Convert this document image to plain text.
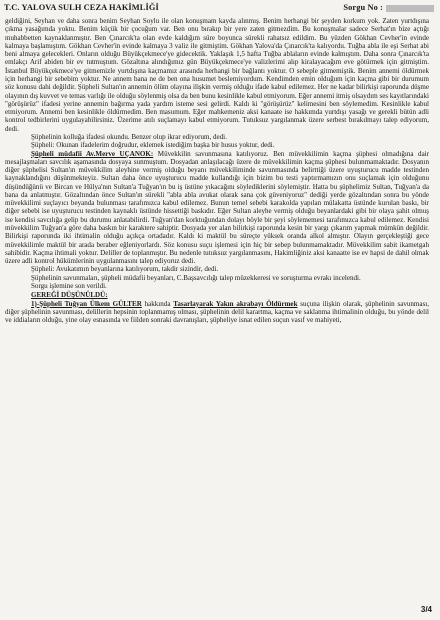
T.C. YALOVA SULH CEZA HAKİMLİĞİ	Sorgu No :

geldiğini, Seyhan ve daha sonra benim Seyhan Soylu ile olan konuşmam kayda alınmış. Benim herhangi bir şeyden korkum yok. Zaten yurtdışına çıkma yasağımda yoktu. Benim küçük bir çocuğum var. Ben onu bırakıp bir yere zaten gitmezdim. Bu konuşmalar sadece Serhat'ın bize açtığı muhabbetten kaynaklanmıştır. Ben Çınarcık'ta olan evde kaldığım süre boyunca sürekli rahatsız edildim. Bu yüzden Gökhan Cevher'in evinde kalmaya başlamıştım. Gökhan Cevher'in evinde kalmaya 3 valiz ile gitmiştim. Gökhan Yalova'da Çınarcık'ta kalıyordu. Tuğba abla ile eşi Serhat abi beni almaya gelecekleri. Onların olduğu Büyükçekmece'ye gidecektik. Yaklaşık 1,5 hafta Tuğba ablaların evinde kalmıştım. Daha sonra Çınarcık'ta emlakçı Arif abiden bir ev tutmuştum. Gözaltına alındığımız gün Büyükçekmece'ye valizlerimi alıp kiralayacağım eve götürmek için gitmiştim. İstanbul Büyükçekmece'ye gitmemizle yurtdışına kaçmamız arasında herhangi bir bağlantı yoktur. O sebeple gitmemiştik. Benim annemi öldürmek için herhangi bir sebebim yoktur. Ne annem bana ne de ben ona husumet beslemiyordum. Kendimden emin olduğum için kaçma gibi bir durumum söz konusu dahi değildir. Şüpheli Sultan'ın annemin ölüm olayına ilişkin vermiş olduğu ifade kabul edilemez. Her ne kadar bilirkişi raporunda düşme olayının dış kuvvet ve temas varlığı ile olduğu söylenmiş olsa da ben bunu kesinlikle kabul etmiyorum. Eğer annemi itmiş olsaydım ses kayıtlarındaki "görüşürüz" ifadesi yerine annemin bağırma yada yardım isteme sesi gelirdi. Kaldı ki "görüşürüz" kelimesini ben söylemedim. Kesinlikle kabul etmiyorum. Annemi ben kesinlikle öldürmedim. Ben masumum. Eğer mahkemeniz aksi kanaate ise hakkımda yurtdışı yasağı ve gerekli bütün adli kontrol tedbirlerini uygulayabilirsiniz. Üzerime atılı suçlamayı kabul etmiyorum. Tutuksuz yargılanmak üzere serbest bırakılmayı talep ediyorum, dedi.

Şüphelinin kolluğa ifadesi okundu. Benzer olup ikrar ediyorum, dedi.

Şüpheli: Okunan ifadelerim doğrudur, eklemek istediğim başka bir husus yoktur, dedi.

Şüpheli müdafii Av.Merve UÇANOK: Müvekkilin savunmasına katılıyoruz. Ben müvekkilimin kaçma şüphesi olmadığına dair mesajlaşmaları savcılık aşamasında dosyaya sunmuştum. Dosyadan anlaşılacağı üzere de müvekkilimin kaçma şüphesi bulunmamaktadır. Dosyanın diğer şüphelisi Sultan'ın müvekkilim aleyhine vermiş olduğu beyanı müvekkiliminde savunmasında belirttiği üzere uyuşturucu madde testinden kaynaklandığını düşünmekteyiz. Sultan daha önce uyuşturucu madde kullandığı için bizim bu testi yaptırmamızın onu suçlamak için olduğunu düşündüğünü ve Bircan ve Hülya'nın Sultan'a Tuğyan'ın bu iş üstüne yıkacağını söylediklerini söylemiştir. Hatta bu şüphelimiz Sultan, Tuğyan'a da bana da anlatmıştır. Gözaltından önce Sultan'ın sürekli "abla abla avukat olarak sana çok güveniyoruz" dediği yerde gözaltından sonra bu yönde müvekkilimi suçlayıcı beyanda bulunması tarafımızca kabul edilemez. Bunun temel sebebi karakolda yapılan mülakatta üstünde kurulan baskı, bir diğer sebebi ise uyuşturucu testinden kaynaklı üstünde hissettiği baskıdır. Eğer Sultan aleyhe vermiş olduğu beyanlardaki gibi bir olaya şahit olmuş ise kendisi savcılığa gelip bu durumu anlatabilirdi. Tuğyan'dan korktuğundan dolayı böyle bir şeyi söylememesi tarafımızca kabul edilemez. Kendisi müvekkilim Tuğyan'a göre daha baskın bir karaktere sahiptir. Dosyada yer alan bilirkişi raporunda kesin bir yargı çıkarım yapmak mümkün değildir. Bilirkişi raporunda iki ihtimalin olduğu açıkça ortadadır. Kaldı ki maktül bu süreçte yüksek oranda alkol almıştır. Olayın gerçekleştiği gece müvekkilimle maktül bir arada beraber eğleniyorlardı. Söz konusu suçu işlemesi için hiç bir sebep bulunmamaktadır. Müvekkilim sabit ikametgah sahibidir. Kaçma ihtimali yoktur. Deliller de toplanmıştır. Bu nedenle tutuksuz yargılanmasını, Hakimliğiniz aksi kanaatte ise ev hapsi de dahil olmak üzere adli kontrol hükümlerinin uygulanmasını talep ediyoruz dedi.

Şüpheli: Avukatımın beyanlarına katılıyorum, takdir sizindir, dedi.

Şüphelinin savunmaları, şüpheli müdafii beyanları, C.Başsavcılığı talep müzekkeresi ve soruşturma evrakı incelendi.

Sorgu işlemine son verildi.

GEREĞİ DÜŞÜNÜLDÜ:

1)-Şüpheli Tuğyan Ülkem GÜLTER hakkında Tasarlayarak Yakın akrabayı Öldürmek suçuna ilişkin olarak, şüphelinin savunması, diğer şüphelinin savunması, delillerin hepsinin toplanmamış olması, şüphelinin delil karartma, kaçma ve saklanma ihtimalinin olduğu, bu yönde delil ve iddiaların olduğu, yine olay esnasında ve fiilden sonraki davranışları, şüpheliye isnat edilen suçun vasıf ve mahiyeti,

3/4
